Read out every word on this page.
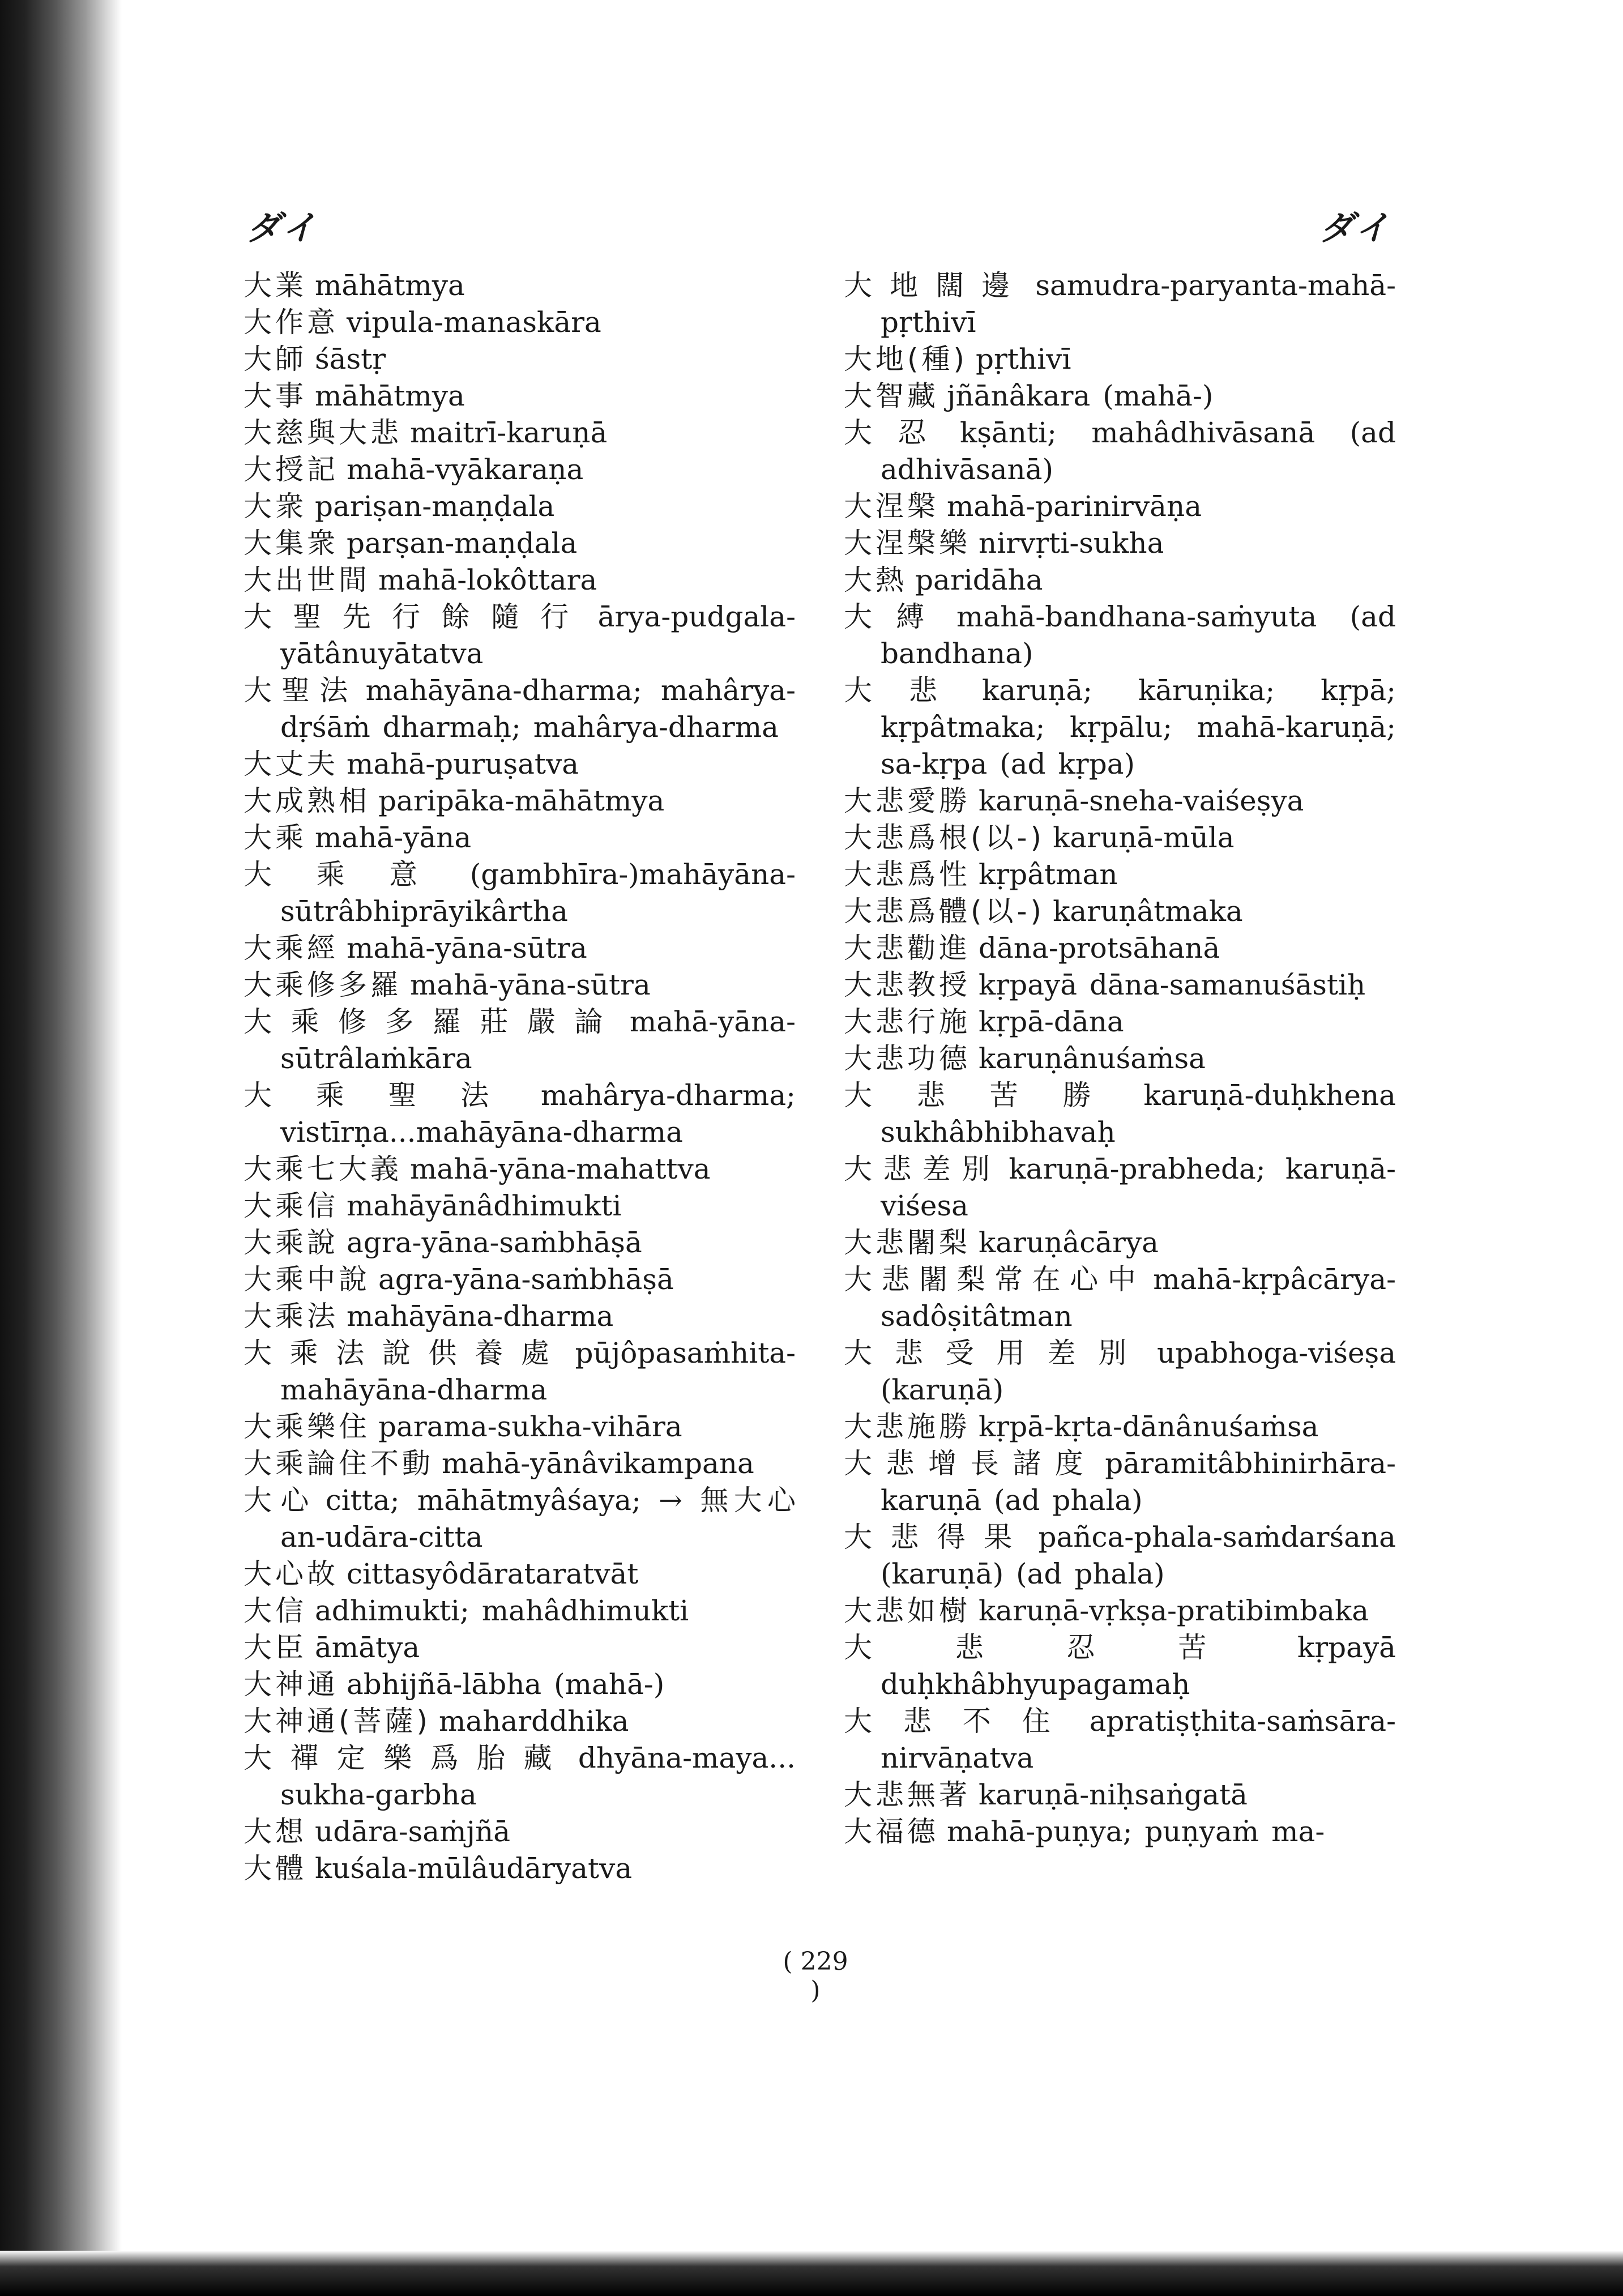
ダイ	ダイ

大業 māhātmya

大作意 vipula-manaskāra

大師 śāstṛ

大事 māhātmya

大慈與大悲 maitrī-karuṇā

大授記 mahā-vyākaraṇa

大衆 pariṣan-maṇḍala

大集衆 parṣan-maṇḍala

大出世間 mahā-lokôttara

大聖先行餘隨行 ārya-pudgala-yātânuyātatva

大聖法 mahāyāna-dharma; mahârya-dṛśāṁ dharmaḥ; mahârya-dharma

大丈夫 mahā-puruṣatva

大成熟相 paripāka-māhātmya

大乘 mahā-yāna

大乘意 (gambhīra-)mahāyāna-sūtrâbhiprāyikârtha

大乘經 mahā-yāna-sūtra

大乘修多羅 mahā-yāna-sūtra

大乘修多羅莊嚴論 mahā-yāna-sūtrâlaṁkāra

大乘聖法 mahârya-dharma; vistīrṇa...mahāyāna-dharma

大乘七大義 mahā-yāna-mahattva

大乘信 mahāyānâdhimukti

大乘說 agra-yāna-saṁbhāṣā

大乘中說 agra-yāna-saṁbhāṣā

大乘法 mahāyāna-dharma

大乘法說供養處 pūjôpasaṁhita-mahāyāna-dharma

大乘樂住 parama-sukha-vihāra

大乘論住不動 mahā-yānâvikampana

大心 citta; māhātmyâśaya; → 無大心 an-udāra-citta

大心故 cittasyôdārataratvāt

大信 adhimukti; mahâdhimukti

大臣 āmātya

大神通 abhijñā-lābha (mahā-)

大神通(菩薩) maharddhika

大禪定樂爲胎藏 dhyāna-maya... sukha-garbha

大想 udāra-saṁjñā

大體 kuśala-mūlâudāryatva

大地闊邊 samudra-paryanta-mahā-pṛthivī

大地(種) pṛthivī

大智藏 jñānâkara (mahā-)

大忍 kṣānti; mahâdhivāsanā (ad adhivāsanā)

大涅槃 mahā-parinirvāṇa

大涅槃樂 nirvṛti-sukha

大熱 paridāha

大縛 mahā-bandhana-saṁyuta (ad bandhana)

大悲 karuṇā; kāruṇika; kṛpā; kṛpâtmaka; kṛpālu; mahā-karuṇā; sa-kṛpa (ad kṛpa)

大悲愛勝 karuṇā-sneha-vaiśeṣya

大悲爲根(以-) karuṇā-mūla

大悲爲性 kṛpâtman

大悲爲體(以-) karuṇâtmaka

大悲勸進 dāna-protsāhanā

大悲教授 kṛpayā dāna-samanuśāstiḥ

大悲行施 kṛpā-dāna

大悲功德 karuṇânuśaṁsa

大悲苦勝 karuṇā-duḥkhena sukhâbhibhavaḥ

大悲差別 karuṇā-prabheda; karuṇā-viśesa

大悲闍梨 karuṇâcārya

大悲闍梨常在心中 mahā-kṛpâcārya-sadôṣitâtman

大悲受用差別 upabhoga-viśeṣa (karuṇā)

大悲施勝 kṛpā-kṛta-dānânuśaṁsa

大悲增長諸度 pāramitâbhinirhāra-karuṇā (ad phala)

大悲得果 pañca-phala-saṁdarśana (karuṇā) (ad phala)

大悲如樹 karuṇā-vṛkṣa-pratibimbaka

大悲忍苦 kṛpayā duḥkhâbhyupagamaḥ

大悲不住 apratiṣṭhita-saṁsāra-nirvāṇatva

大悲無著 karuṇā-niḥsaṅgatā

大福德 mahā-puṇya; puṇyaṁ ma-

( 229 )
